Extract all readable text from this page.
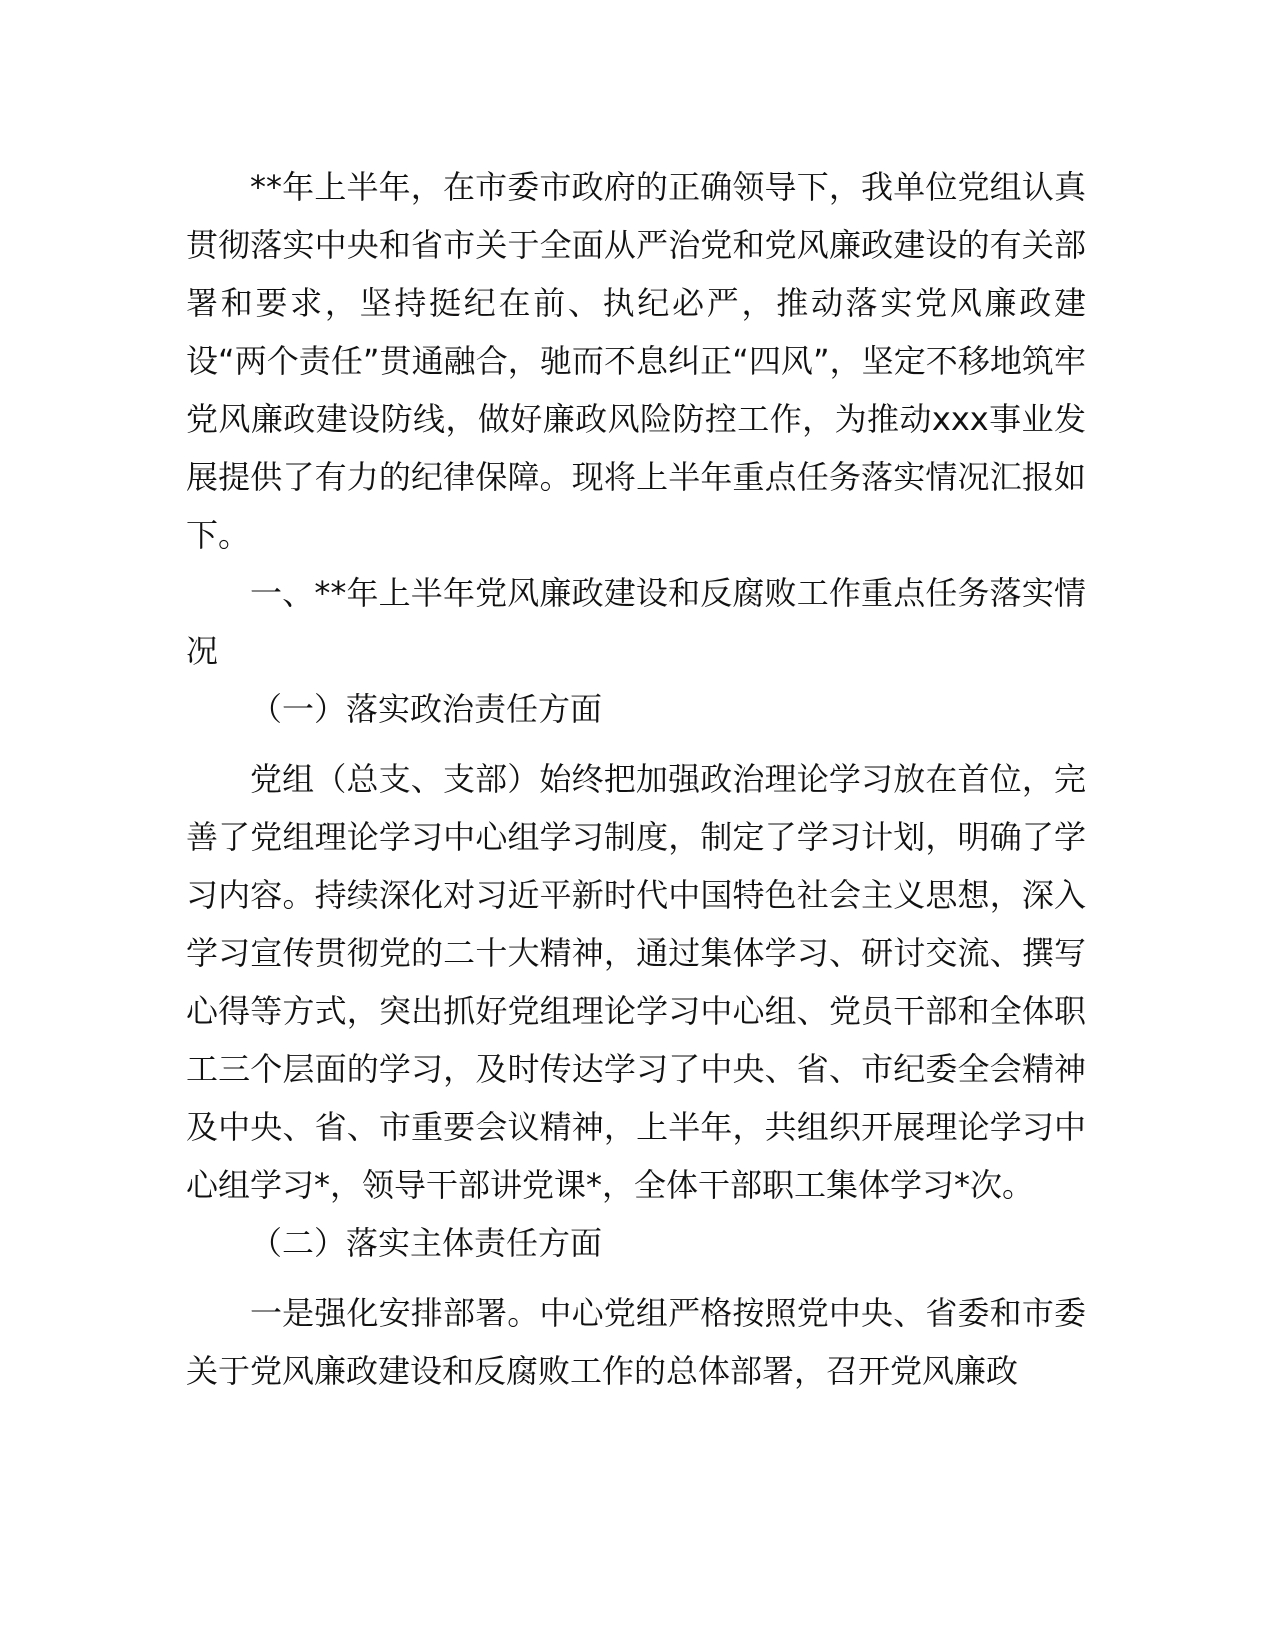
**年上半年，在市委市政府的正确领导下，我单位党组认真贯彻落实中央和省市关于全面从严治党和党风廉政建设的有关部署和要求，坚持挺纪在前、执纪必严，推动落实党风廉政建设“两个责任”贯通融合，驰而不息纠正“四风”，坚定不移地筑牢党风廉政建设防线，做好廉政风险防控工作，为推动xxx事业发展提供了有力的纪律保障。现将上半年重点任务落实情况汇报如下。

一、**年上半年党风廉政建设和反腐败工作重点任务落实情况

（一）落实政治责任方面

党组（总支、支部）始终把加强政治理论学习放在首位，完善了党组理论学习中心组学习制度，制定了学习计划，明确了学习内容。持续深化对习近平新时代中国特色社会主义思想，深入学习宣传贯彻党的二十大精神，通过集体学习、研讨交流、撰写心得等方式，突出抓好党组理论学习中心组、党员干部和全体职工三个层面的学习，及时传达学习了中央、省、市纪委全会精神及中央、省、市重要会议精神，上半年，共组织开展理论学习中心组学习*，领导干部讲党课*，全体干部职工集体学习*次。

（二）落实主体责任方面

一是强化安排部署。中心党组严格按照党中央、省委和市委关于党风廉政建设和反腐败工作的总体部署，召开党风廉政
